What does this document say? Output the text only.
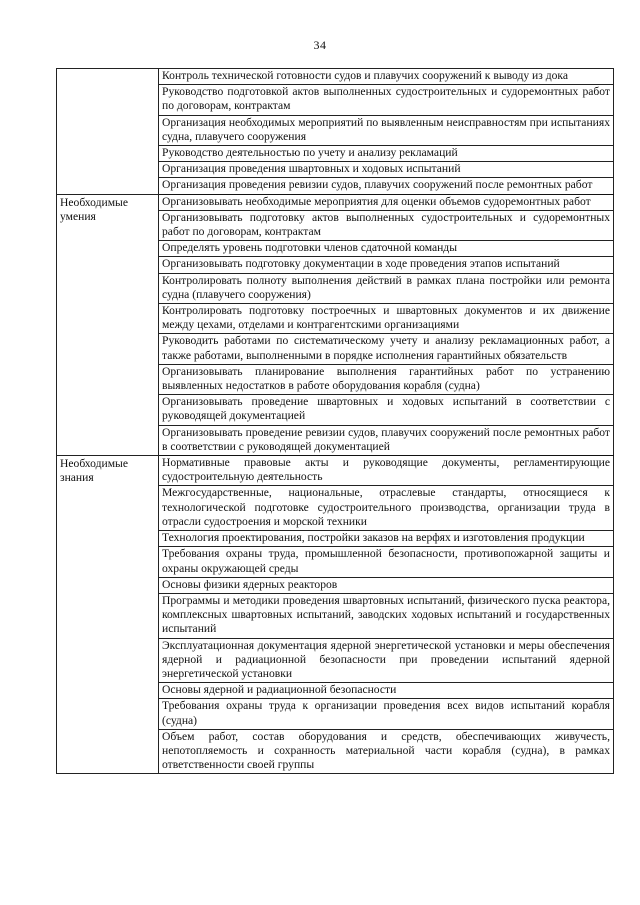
34
	Контроль технической готовности судов и плавучих сооружений к выводу из дока
	Руководство подготовкой актов выполненных судостроительных и судоремонтных работ по договорам, контрактам
	Организация необходимых мероприятий по выявленным неисправностям при испытаниях судна, плавучего сооружения
	Руководство деятельностью по учету и анализу рекламаций
	Организация проведения швартовных и ходовых испытаний
	Организация проведения ревизии судов, плавучих сооружений после ремонтных работ
Необходимые умения	Организовывать необходимые мероприятия для оценки объемов судоремонтных работ
	Организовывать подготовку актов выполненных судостроительных и судоремонтных работ по договорам, контрактам
	Определять уровень подготовки членов сдаточной команды
	Организовывать подготовку документации в ходе проведения этапов испытаний
	Контролировать полноту выполнения действий в рамках плана постройки или ремонта судна (плавучего сооружения)
	Контролировать подготовку построечных и швартовных документов и их движение между цехами, отделами и контрагентскими организациями
	Руководить работами по систематическому учету и анализу рекламационных работ, а также работами, выполненными в порядке исполнения гарантийных обязательств
	Организовывать планирование выполнения гарантийных работ по устранению выявленных недостатков в работе оборудования корабля (судна)
	Организовывать проведение швартовных и ходовых испытаний в соответствии с руководящей документацией
	Организовывать проведение ревизии судов, плавучих сооружений после ремонтных работ в соответствии с руководящей документацией
Необходимые знания	Нормативные правовые акты и руководящие документы, регламентирующие судостроительную деятельность
	Межгосударственные, национальные, отраслевые стандарты, относящиеся к технологической подготовке судостроительного производства, организации труда в отрасли судостроения и морской техники
	Технология проектирования, постройки заказов на верфях и изготовления продукции
	Требования охраны труда, промышленной безопасности, противопожарной защиты и охраны окружающей среды
	Основы физики ядерных реакторов
	Программы и методики проведения швартовных испытаний, физического пуска реактора, комплексных швартовных испытаний, заводских ходовых испытаний и государственных испытаний
	Эксплуатационная документация ядерной энергетической установки и меры обеспечения ядерной и радиационной безопасности при проведении испытаний ядерной энергетической установки
	Основы ядерной и радиационной безопасности
	Требования охраны труда к организации проведения всех видов испытаний корабля (судна)
	Объем работ, состав оборудования и средств, обеспечивающих живучесть, непотопляемость и сохранность материальной части корабля (судна), в рамках ответственности своей группы
